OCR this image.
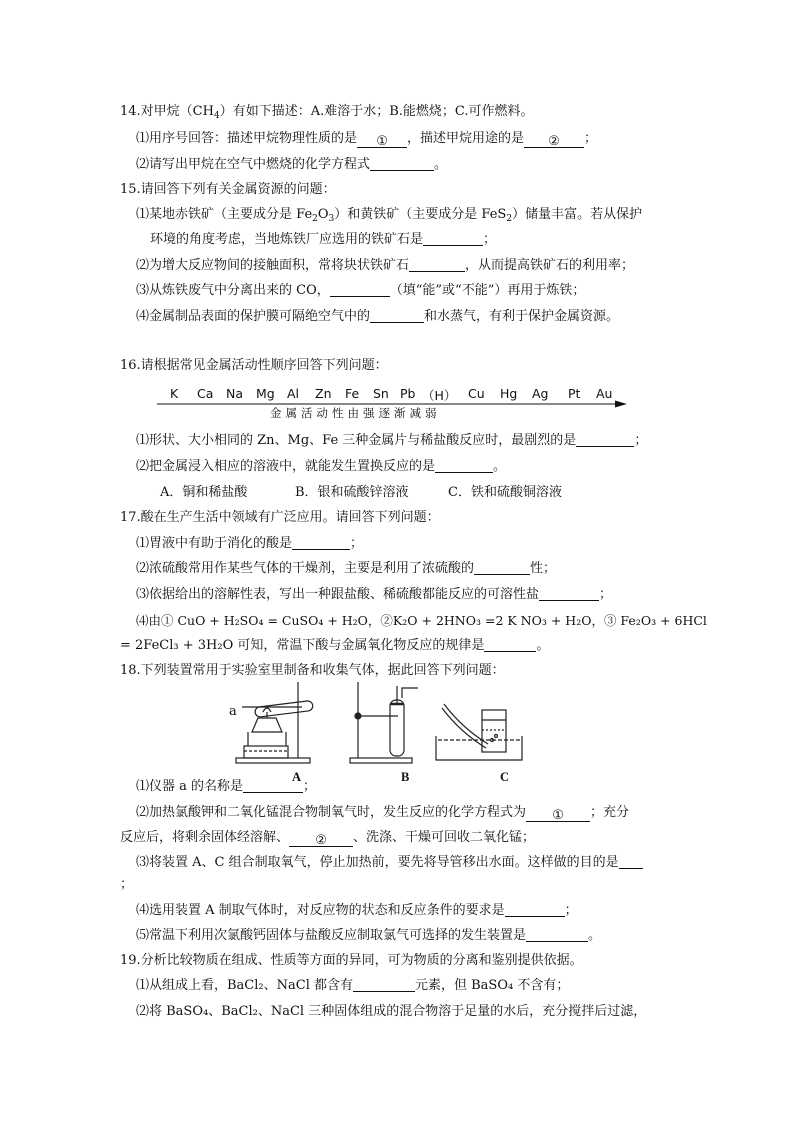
14.对甲烷$(CH_4)$有如下描述：A.难溶于水；B.能燃烧；C.可作燃料。
⑴用序号回答：描述甲烷物理性质的是 ① ，描述甲烷用途的是 ② ；
⑵请写出甲烷在空气中燃烧的化学方程式	。
15.请回答下列有关金属资源的问题：
⑴某地赤铁矿（主要成分是 $Fe_2O_3$）和黄铁矿（主要成分是 FeS$_2$）储量丰富。若从保护
环境的角度考虑，当地炼铁厂应选用的铁矿石是	；
⑵为增大反应物间的接触面积，常将块状铁矿石	，从而提高铁矿石的利用率；
⑶从炼铁废气中分离出来的 CO，	（填“能”或“不能”）再用于炼铁；
⑷金属制品表面的保护膜可隔绝空气中的	和水蒸气，有利于保护金属资源。
16.请根据常见金属活动性顺序回答下列问题：
K Ca Na Mg Al Zn Fe Sn Pb （H） Cu Hg Ag Pt Au
金属活动性由强逐渐减弱
⑴形状、大小相同的 Zn、Mg、Fe 三种金属片与稀盐酸反应时，最剧烈的是	；
⑵把金属浸入相应的溶液中，就能发生置换反应的是	。
A．铜和稀盐酸	B．银和硫酸锌溶液	C．铁和硫酸铜溶液
17.酸在生产生活中领域有广泛应用。请回答下列问题：
⑴胃液中有助于消化的酸是	；
⑵浓硫酸常用作某些气体的干燥剂，主要是利用了浓硫酸的	性；
⑶依据给出的溶解性表，写出一种跟盐酸、稀硫酸都能反应的可溶性盐	；
⑷由① CuO + H₂SO₄ = CuSO₄ + H₂O，②K₂O + 2HNO₃ =2 K NO₃ + H₂O，③ Fe₂O₃ + 6HCl
= 2FeCl₃ + 3H₂O 可知，常温下酸与金属氧化物反应的规律是	。
18.下列装置常用于实验室里制备和收集气体，据此回答下列问题：
a
A	B	C
⑴仪器 a 的名称是	；
⑵加热氯酸钾和二氧化锰混合物制氧气时，发生反应的化学方程式为 ① ；充分
反应后，将剩余固体经溶解、 ② 、洗涤、干燥可回收二氧化锰；
⑶将装置 A、C 组合制取氧气，停止加热前，要先将导管移出水面。这样做的目的是
；
⑷选用装置 A 制取气体时，对反应物的状态和反应条件的要求是	；
⑸常温下利用次氯酸钙固体与盐酸反应制取氯气可选择的发生装置是	。
19.分析比较物质在组成、性质等方面的异同，可为物质的分离和鉴别提供依据。
⑴从组成上看，BaCl₂、NaCl 都含有	元素，但 BaSO₄ 不含有；
⑵将 BaSO₄、BaCl₂、NaCl 三种固体组成的混合物溶于足量的水后，充分搅拌后过滤，
